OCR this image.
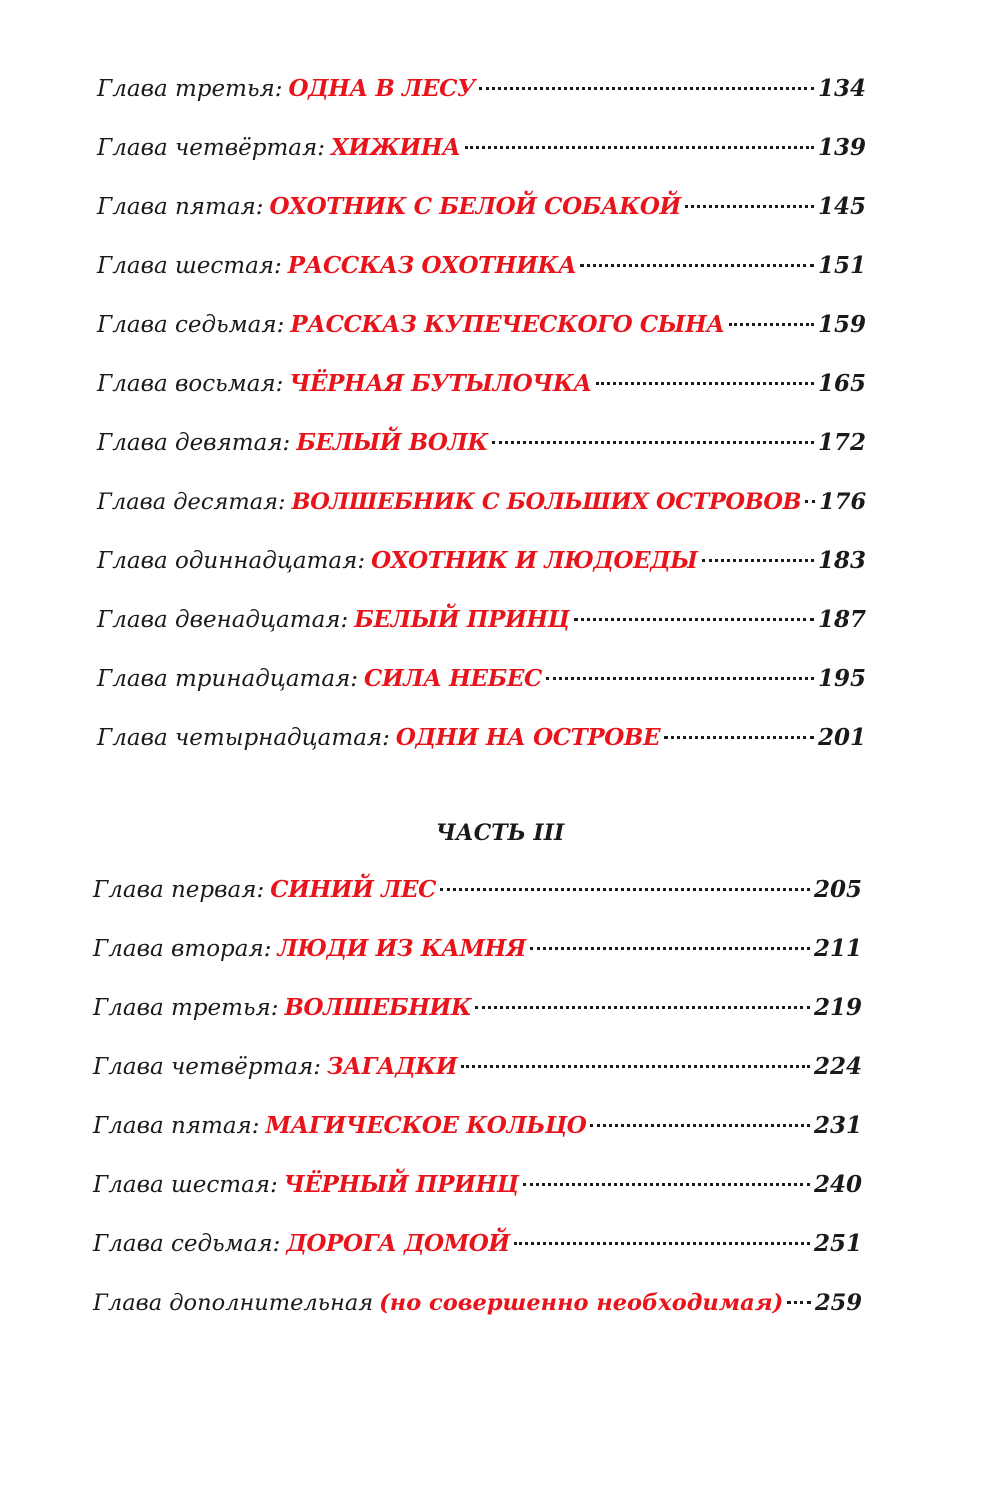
Глава третья: ОДНА В ЛЕСУ	134
Глава четвёртая: ХИЖИНА	139
Глава пятая: ОХОТНИК С БЕЛОЙ СОБАКОЙ	145
Глава шестая: РАССКАЗ ОХОТНИКА	151
Глава седьмая: РАССКАЗ КУПЕЧЕСКОГО СЫНА	159
Глава восьмая: ЧЁРНАЯ БУТЫЛОЧКА	165
Глава девятая: БЕЛЫЙ ВОЛК	172
Глава десятая: ВОЛШЕБНИК С БОЛЬШИХ ОСТРОВОВ 176
Глава одиннадцатая: ОХОТНИК И ЛЮДОЕДЫ	183
Глава двенадцатая: БЕЛЫЙ ПРИНЦ	187
Глава тринадцатая: СИЛА НЕБЕС	195
Глава четырнадцатая: ОДНИ НА ОСТРОВЕ	201
ЧАСТЬ III
Глава первая: СИНИЙ ЛЕС	205
Глава вторая: ЛЮДИ ИЗ КАМНЯ	211
Глава третья: ВОЛШЕБНИК	219
Глава четвёртая: ЗАГАДКИ	224
Глава пятая: МАГИЧЕСКОЕ КОЛЬЦО	231
Глава шестая: ЧЁРНЫЙ ПРИНЦ	240
Глава седьмая: ДОРОГА ДОМОЙ	251
Глава дополнительная (но совершенно необходимая) 259
